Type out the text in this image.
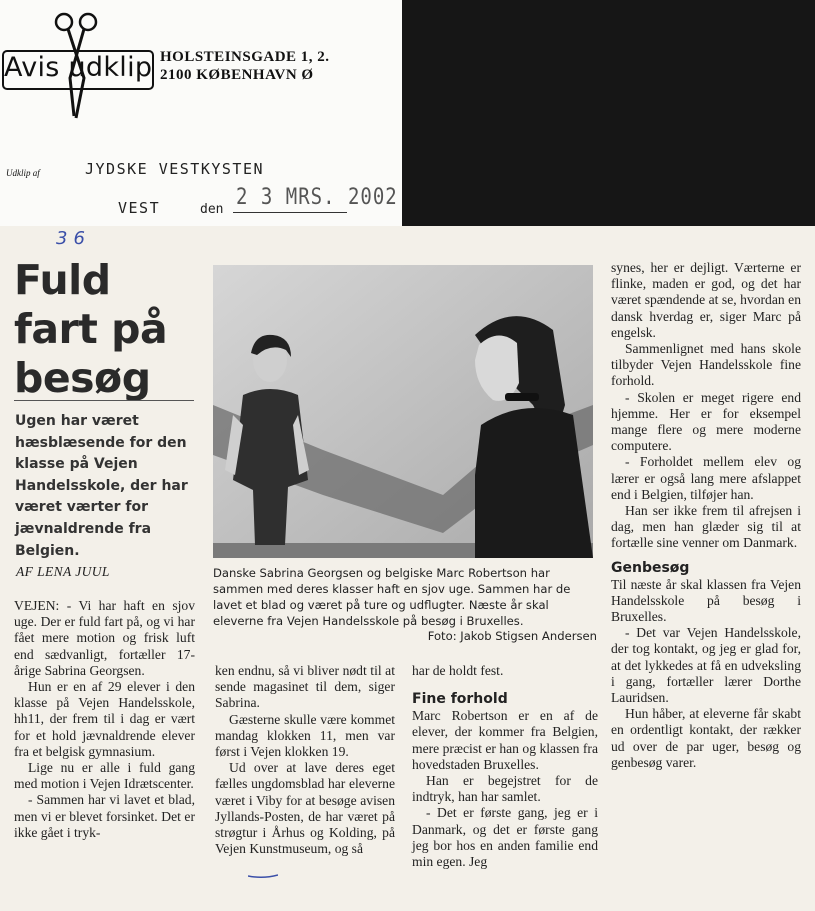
Avis udklip HOLSTEINSGADE 1, 2.
2100 KØBENHAVN Ø
Udklip af	JYDSKE VESTKYSTEN
VEST	den 2 3 MRS. 2002
36
Fuld
fart på
besøg
Ugen har været hæsblæsende for den klasse på Vejen Handelsskole, der har været værter for jævnaldrende fra Belgien.
AF LENA JUUL	Danske Sabrina Georgsen og belgiske Marc Robertson har sammen med deres klasser haft en sjov uge. Sammen har de lavet et blad og været på ture og udflugter. Næste år skal eleverne fra Vejen Handelsskole på besøg i Bruxelles.
Foto: Jakob Stigsen Andersen

VEJEN: - Vi har haft en sjov uge. Der er fuld fart på, og vi har fået mere motion og frisk luft end sædvanligt, fortæller 17-årige Sabrina Georgsen.

Hun er en af 29 elever i den klasse på Vejen Handelsskole, hh11, der frem til i dag er vært for et hold jævnaldrende elever fra et belgisk gymnasium.

Lige nu er alle i fuld gang med motion i Vejen Idrætscenter.

- Sammen har vi lavet et blad, men vi er blevet forsinket. Det er ikke gået i tryk-

ken endnu, så vi bliver nødt til at sende magasinet til dem, siger Sabrina.

Gæsterne skulle være kommet mandag klokken 11, men var først i Vejen klokken 19.

Ud over at lave deres eget fælles ungdomsblad har eleverne været i Viby for at besøge avisen Jyllands-Posten, de har været på strøgtur i Århus og Kolding, på Vejen Kunstmuseum, og så

har de holdt fest.

Fine forhold

Marc Robertson er en af de elever, der kommer fra Belgien, mere præcist er han og klassen fra hovedstaden Bruxelles.

Han er begejstret for de indtryk, han har samlet.

- Det er første gang, jeg er i Danmark, og det er første gang jeg bor hos en anden familie end min egen. Jeg

synes, her er dejligt. Værterne er flinke, maden er god, og det har været spændende at se, hvordan en dansk hverdag er, siger Marc på engelsk.

Sammenlignet med hans skole tilbyder Vejen Handelsskole fine forhold.

- Skolen er meget rigere end hjemme. Her er for eksempel mange flere og mere moderne computere.

- Forholdet mellem elev og lærer er også lang mere afslappet end i Belgien, tilføjer han.

Han ser ikke frem til afrejsen i dag, men han glæder sig til at fortælle sine venner om Danmark.

Genbesøg

Til næste år skal klassen fra Vejen Handelsskole på besøg i Bruxelles.

- Det var Vejen Handelsskole, der tog kontakt, og jeg er glad for, at det lykkedes at få en udveksling i gang, fortæller lærer Dorthe Lauridsen.

Hun håber, at eleverne får skabt en ordentligt kontakt, der rækker ud over de par uger, besøg og genbesøg varer.
